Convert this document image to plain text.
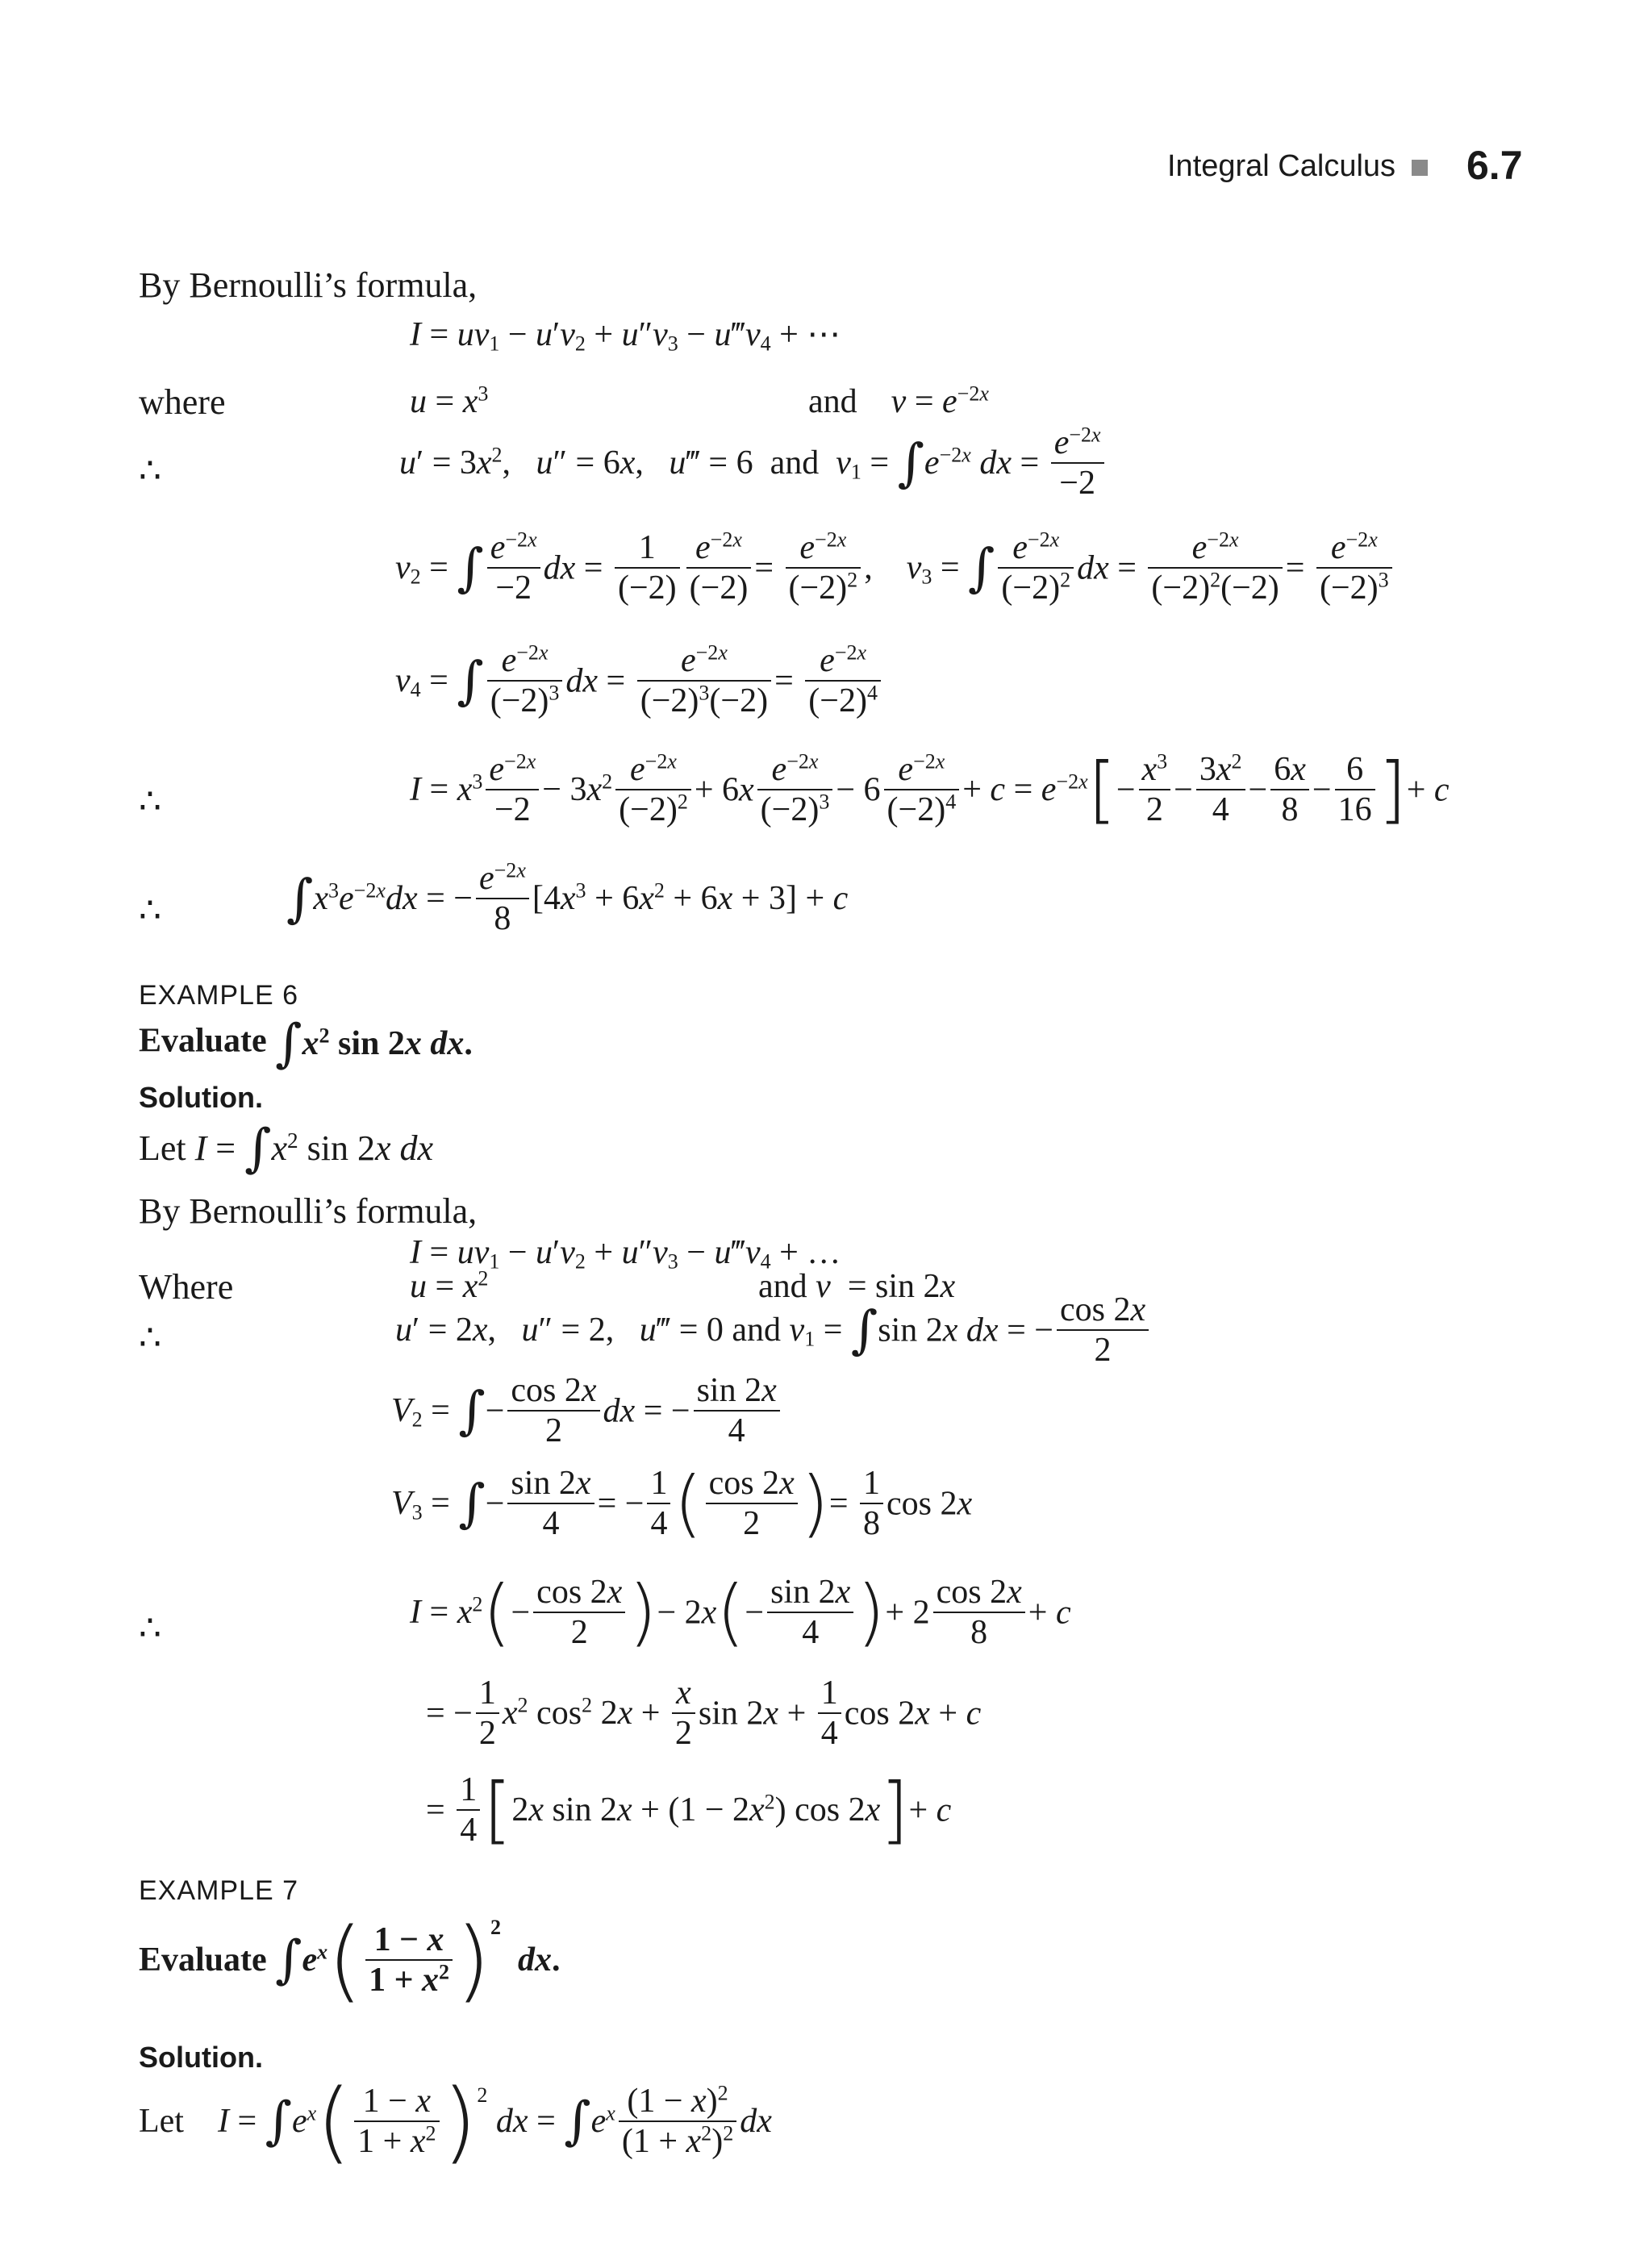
Integral Calculus 6.7
By Bernoulli’s formula,
$I = uv_1 - u'v_2 + u''v_3$ − $u‴v_4$ + ⋯
where	$u = x^3$	and $v = e^{-2x}$
∴	$u' = 3x^2$,   u″ = 6x,   u‴ = 6  and  $v_1 = \int e^{-2x}$ dx = $\frac{e^{-2x}}{-2}$
$v_2$ = ∫ $\frac{e^{-2x}}{-2}$ dx = $\frac{1}{(-2)} \frac{e^{-2x}}{(-2)} = \frac{e^{-2x}}{(-2)^2}$ ,    $v_3$ = ∫ $\frac{e^{-2x}}{(-2)^2}$ dx = $\frac{e^{-2x}}{(-2)^2(-2)} = \frac{e^{-2x}}{(-2)^3}$
$v_4$ = ∫ $\frac{e^{-2x}}{(-2)^3}$ dx = $\frac{e^{-2x}}{(-2)^3(-2)} = \frac{e^{-2x}}{(-2)^4}$
∴	$I = x^3 \frac{e^{-2x}}{-2} - 3x^2 \frac{e^{-2x}}{(-2)^2} + 6x \frac{e^{-2x}}{(-2)^3} - 6 \frac{e^{-2x}}{(-2)^4} + c = e^{-2x}[- \frac{x^3}{2} - \frac{3x^2}{4} - \frac{6x}{8} - \frac{6}{16}$ ]+ c
∴ $\int x^3e^{-2x}dx$ = − $\frac{e^{-2x}}{8} [4x^3 + 6x^2 + 6x + 3] + c$
EXAMPLE 6
Evaluate $\int x^2$ sin 2x dx.
Solution.
Let $I = \int x^2$ sin 2x dx
By Bernoulli’s formula,
$I = uv_1 - u'v_2 + u''v_3$ − $u‴v_4$ + …
Where	$u = x^2$	and v  = sin 2x
∴	u′ = 2x,   u″ = 2,   u‴ = 0 and $v_1 = \int\sin$ 2x dx = − $\frac{\cos 2x}{2}$
$V_2$ = ∫− $\frac{\cos 2x}{2}$ dx = − $\frac{\sin 2x}{4}$
$V_3$ = ∫− $\frac{\sin 2x}{4}$ = − $\frac{1}{4}$ ( $\frac{\cos 2x}{2}$ )= $\frac{1}{8}$ cos 2x
∴	$I = x^2(- \frac{\cos 2x}{2}$ )− $2x(- \frac{\sin 2x}{4}$ )+ $2 \frac{\cos 2x}{8} + c$
= − $\frac{1}{2} x^2$ $\cos^2 2x + \frac{x}{2}$ $\sin 2x + \frac{1}{4}$ cos 2x + c
= $\frac{1}{4} [2x$ $\sin 2x + (1 - 2x^2)$ cos 2x]+ c
EXAMPLE 7
Evaluate $\int e^x( \frac{1 - x}{1 + x^2} )^2$  dx.
Solution.
Let $I = \int e^x( \frac{1 - x}{1 + x^2} )^2$ dx = $\int e^x \frac{(1 - x)^2}{(1 + x^2)^2}$ dx
